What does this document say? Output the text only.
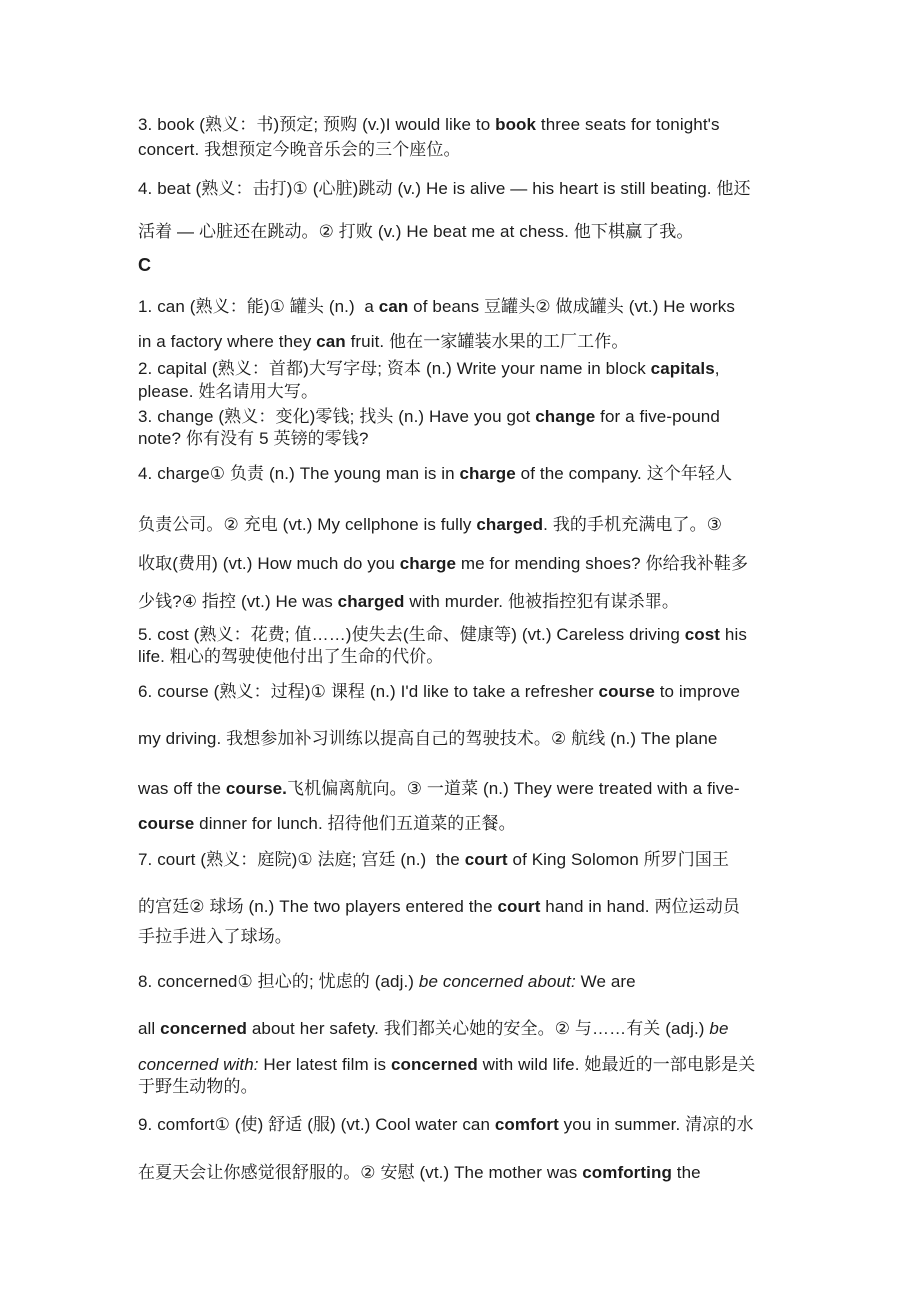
3. book (熟义：书)预定; 预购 (v.)I would like to book three seats for tonight's
concert. 我想预定今晚音乐会的三个座位。
4. beat (熟义：击打)① (心脏)跳动 (v.) He is alive — his heart is still beating. 他还
活着 — 心脏还在跳动。② 打败 (v.) He beat me at chess. 他下棋赢了我。
C
1. can (熟义：能)① 罐头 (n.)  a can of beans 豆罐头② 做成罐头 (vt.) He works
in a factory where they can fruit. 他在一家罐装水果的工厂工作。
2. capital (熟义：首都)大写字母; 资本 (n.) Write your name in block capitals,
please. 姓名请用大写。
3. change (熟义：变化)零钱; 找头 (n.) Have you got change for a five-pound
note? 你有没有 5 英镑的零钱?
4. charge① 负责 (n.) The young man is in charge of the company. 这个年轻人
负责公司。② 充电 (vt.) My cellphone is fully charged. 我的手机充满电了。③
收取(费用) (vt.) How much do you charge me for mending shoes? 你给我补鞋多
少钱?④ 指控 (vt.) He was charged with murder. 他被指控犯有谋杀罪。
5. cost (熟义：花费; 值……)使失去(生命、健康等) (vt.) Careless driving cost his
life. 粗心的驾驶使他付出了生命的代价。
6. course (熟义：过程)① 课程 (n.) I'd like to take a refresher course to improve
my driving. 我想参加补习训练以提高自己的驾驶技术。② 航线 (n.) The plane
was off the course.飞机偏离航向。③ 一道菜 (n.) They were treated with a five-
course dinner for lunch. 招待他们五道菜的正餐。
7. court (熟义：庭院)① 法庭; 宫廷 (n.)  the court of King Solomon 所罗门国王
的宫廷② 球场 (n.) The two players entered the court hand in hand. 两位运动员
手拉手进入了球场。
8. concerned① 担心的; 忧虑的 (adj.) be concerned about: We are
all concerned about her safety. 我们都关心她的安全。② 与……有关 (adj.) be
concerned with: Her latest film is concerned with wild life. 她最近的一部电影是关
于野生动物的。
9. comfort① (使) 舒适 (服) (vt.) Cool water can comfort you in summer. 清凉的水
在夏天会让你感觉很舒服的。② 安慰 (vt.) The mother was comforting the
